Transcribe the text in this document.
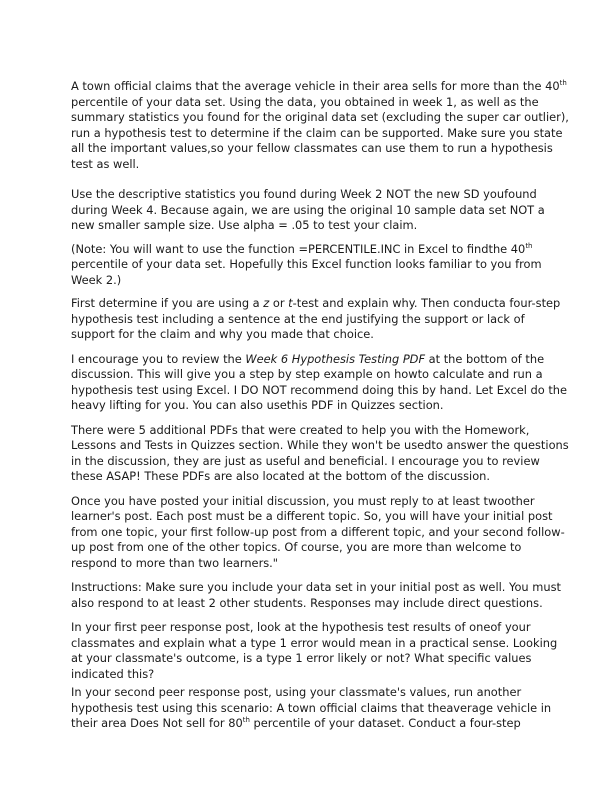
A town official claims that the average vehicle in their area sells for more than the 40th percentile of your data set. Using the data, you obtained in week 1, as well as the summary statistics you found for the original data set (excluding the super car outlier), run a hypothesis test to determine if the claim can be supported. Make sure you state all the important values,so your fellow classmates can use them to run a hypothesis test as well.

Use the descriptive statistics you found during Week 2 NOT the new SD youfound during Week 4. Because again, we are using the original 10 sample data set NOT a new smaller sample size. Use alpha = .05 to test your claim.

(Note: You will want to use the function =PERCENTILE.INC in Excel to findthe 40th percentile of your data set. Hopefully this Excel function looks familiar to you from Week 2.)

First determine if you are using a z or t-test and explain why. Then conducta four-step hypothesis test including a sentence at the end justifying the support or lack of support for the claim and why you made that choice.

I encourage you to review the Week 6 Hypothesis Testing PDF at the bottom of the discussion. This will give you a step by step example on howto calculate and run a hypothesis test using Excel. I DO NOT recommend doing this by hand. Let Excel do the heavy lifting for you. You can also usethis PDF in Quizzes section.

There were 5 additional PDFs that were created to help you with the Homework, Lessons and Tests in Quizzes section. While they won't be usedto answer the questions in the discussion, they are just as useful and beneficial. I encourage you to review these ASAP! These PDFs are also located at the bottom of the discussion.

Once you have posted your initial discussion, you must reply to at least twoother learner's post. Each post must be a different topic. So, you will have your initial post from one topic, your first follow-up post from a different topic, and your second follow-up post from one of the other topics. Of course, you are more than welcome to respond to more than two learners."

Instructions: Make sure you include your data set in your initial post as well. You must also respond to at least 2 other students. Responses may include direct questions.

In your first peer response post, look at the hypothesis test results of oneof your classmates and explain what a type 1 error would mean in a practical sense. Looking at your classmate's outcome, is a type 1 error likely or not? What specific values indicated this?

In your second peer response post, using your classmate's values, run another hypothesis test using this scenario: A town official claims that theaverage vehicle in their area Does Not sell for 80th percentile of your dataset. Conduct a four-step
